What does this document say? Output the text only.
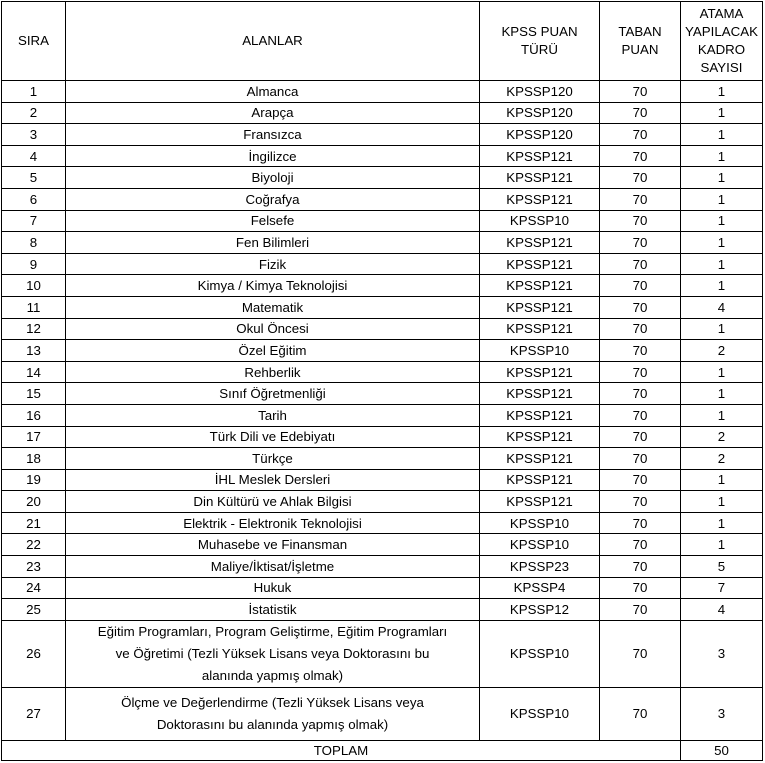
SIRA	ALANLAR	KPSS PUAN TÜRÜ	TABAN PUAN	ATAMA YAPILACAK KADRO SAYISI
1	Almanca	KPSSP120	70	1
2	Arapça	KPSSP120	70	1
3	Fransızca	KPSSP120	70	1
4	İngilizce	KPSSP121	70	1
5	Biyoloji	KPSSP121	70	1
6	Coğrafya	KPSSP121	70	1
7	Felsefe	KPSSP10	70	1
8	Fen Bilimleri	KPSSP121	70	1
9	Fizik	KPSSP121	70	1
10	Kimya / Kimya Teknolojisi	KPSSP121	70	1
11	Matematik	KPSSP121	70	4
12	Okul Öncesi	KPSSP121	70	1
13	Özel Eğitim	KPSSP10	70	2
14	Rehberlik	KPSSP121	70	1
15	Sınıf Öğretmenliği	KPSSP121	70	1
16	Tarih	KPSSP121	70	1
17	Türk Dili ve Edebiyatı	KPSSP121	70	2
18	Türkçe	KPSSP121	70	2
19	İHL Meslek Dersleri	KPSSP121	70	1
20	Din Kültürü ve Ahlak Bilgisi	KPSSP121	70	1
21	Elektrik - Elektronik Teknolojisi	KPSSP10	70	1
22	Muhasebe ve Finansman	KPSSP10	70	1
23	Maliye/İktisat/İşletme	KPSSP23	70	5
24	Hukuk	KPSSP4	70	7
25	İstatistik	KPSSP12	70	4
26	Eğitim Programları, Program Geliştirme, Eğitim Programları ve Öğretimi (Tezli Yüksek Lisans veya Doktorasını bu alanında yapmış olmak)	KPSSP10	70	3
27	Ölçme ve Değerlendirme (Tezli Yüksek Lisans veya Doktorasını bu alanında yapmış olmak)	KPSSP10	70	3
TOPLAM				50
